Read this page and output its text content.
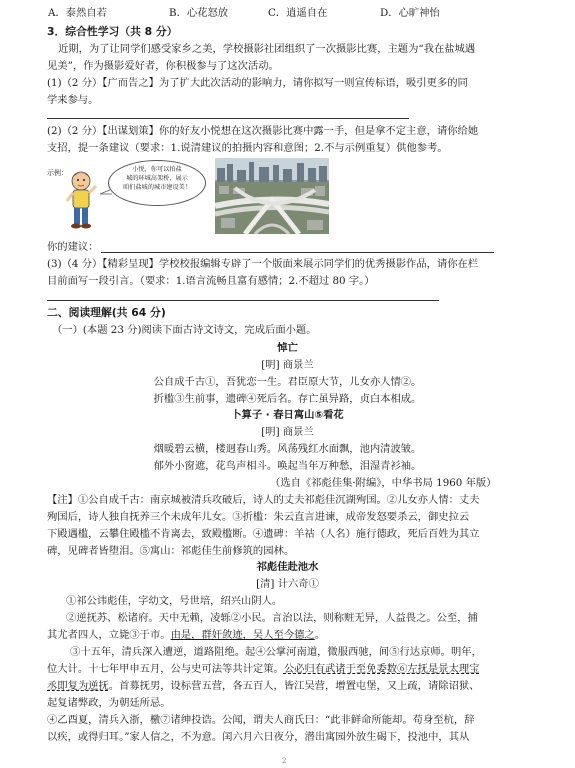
A．泰然自若	B．心花怒放	C．逍遥自在	D．心旷神怡
3．综合性学习（共 8 分）
近期，为了让同学们感受家乡之美，学校摄影社团组织了一次摄影比赛，主题为“我在盐城遇
见美”，作为摄影爱好者，你积极参与了这次活动。
(1)（2 分）【广而告之】为了扩大此次活动的影响力，请你拟写一则宣传标语，吸引更多的同
学来参与。
(2)（2 分）【出谋划策】你的好友小悦想在这次摄影比赛中露一手，但是拿不定主意，请你给她
支招，提一条建议（要求：1.说清建议的拍摄内容和意图；2.不与示例重复）供他参考。
示例：	小悦，你可以拍盐
城的环城高架桥，展示
咱们盐城的城市建设美！
你的建议：
(3)（4 分）【精彩呈现】学校校报编辑专辟了一个版面来展示同学们的优秀摄影作品，请你在栏
目前面写一段引言。（要求：1.语言流畅且富有感情；2.不超过 80 字。）
二、阅读理解(共 64 分)
（一）(本题 23 分)阅读下面古诗文诗文，完成后面小题。
悼亡
[明] 商景兰
公自成千古①，吾犹恋一生。君臣原大节，儿女亦人情②。
折槛③生前事，遗碑④死后名。存亡虽异路，贞白本相成。
卜算子 · 春日寓山⑤看花
[明] 商景兰
烟暖碧云横，楼迥春山秀。风荡残红水面飘，池内清波皱。
郁外小窗遮，花鸟声相斗。唤起当年万种愁，泪湿青衫袖。
（选自《祁彪佳集·附编》，中华书局 1960 年版）
【注】①公自成千古：南京城被清兵攻破后，诗人的丈夫祁彪佳沉湖殉国。②儿女亦人情：丈夫
殉国后，诗人独自抚养三个未成年儿女。③折槛：朱云直言进谏，成帝发怒要杀云，御史拉云
下殿遇槛，云攀住殿槛不肯离去，致殿槛断。④遗碑：羊祜（人名）施行德政，死后百姓为其立
碑，见碑者皆堕泪。⑤寓山：祁彪佳生前修筑的园林。
祁彪佳赴池水
[清] 计六奇①
①祁公讳彪佳，字幼文，号世培，绍兴山阴人。
②逆抚苏、松诸府。天中无赖，凌轹②小民。言治以法，则称赃无异，人益畏之。公至，捕
其尤者四人，立毙③于市。由是，群奸敛迹，吴人至今德之。
③十五年，清兵深入遭逆，道路阻绝。起④公掌河南道，微服西驰，间⑤行达京师。明年，
位大计。十七年甲申五月，公与史可法等共计定策。公必归有武诸于至免委数⑥左抚是景太理宝
丞即复为逆抚。首募抚男，设标营五营，各五百人，皆江吴营，增置屯堡，又上疏，请除诏狱、
起复诸弊政，为朝廷所忌。
④乙酉夏，清兵入浙，檄⑦诸绅投诰。公闻，谓夫人商氏曰：“此非鲜命所能却。苟身至杭，辞
以疾，或得归耳。”家人信之，不为意。闰六月六日夜分，潜出寓园外放生碣下，投池中，其从
2
